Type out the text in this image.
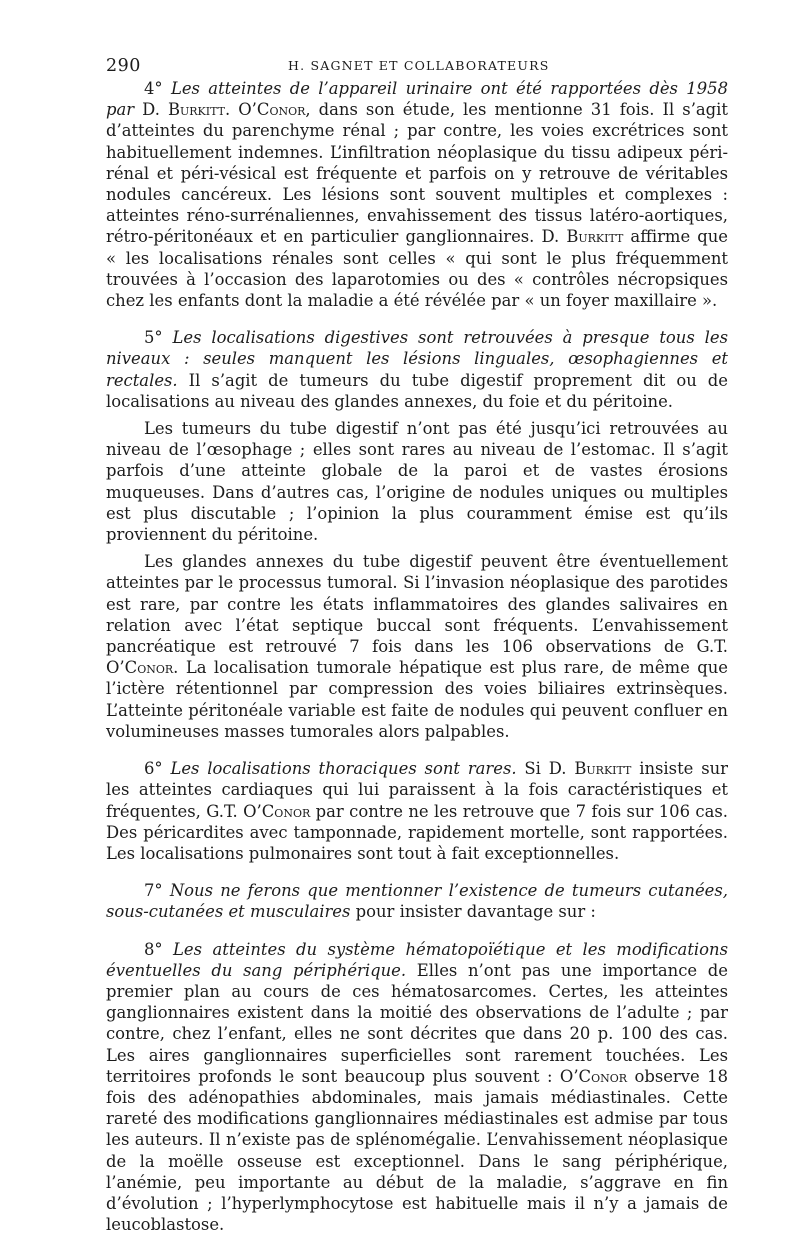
290	H. SAGNET ET COLLABORATEURS

4° Les atteintes de l’appareil urinaire ont été rapportées dès 1958 par D. Burkitt. O’Conor, dans son étude, les mentionne 31 fois. Il s’agit d’atteintes du parenchyme rénal ; par contre, les voies excrétrices sont habituellement indemnes. L’infiltration néoplasique du tissu adipeux péri-rénal et péri-vésical est fréquente et parfois on y retrouve de véritables nodules cancéreux. Les lésions sont souvent multiples et complexes : atteintes réno-surrénaliennes, envahissement des tissus latéro-aortiques, rétro-péritonéaux et en particulier ganglionnaires. D. Burkitt affirme que « les localisations rénales sont celles « qui sont le plus fréquemment trouvées à l’occasion des laparotomies ou des « contrôles nécropsiques chez les enfants dont la maladie a été révélée par « un foyer maxillaire ».

5° Les localisations digestives sont retrouvées à presque tous les niveaux : seules manquent les lésions linguales, œsophagiennes et rectales. Il s’agit de tumeurs du tube digestif proprement dit ou de localisations au niveau des glandes annexes, du foie et du péritoine.

Les tumeurs du tube digestif n’ont pas été jusqu’ici retrouvées au niveau de l’œsophage ; elles sont rares au niveau de l’estomac. Il s’agit parfois d’une atteinte globale de la paroi et de vastes érosions muqueuses. Dans d’autres cas, l’origine de nodules uniques ou multiples est plus discutable ; l’opinion la plus couramment émise est qu’ils proviennent du péritoine.

Les glandes annexes du tube digestif peuvent être éventuellement atteintes par le processus tumoral. Si l’invasion néoplasique des parotides est rare, par contre les états inflammatoires des glandes salivaires en relation avec l’état septique buccal sont fréquents. L’envahissement pancréatique est retrouvé 7 fois dans les 106 observations de G.T. O’Conor. La localisation tumorale hépatique est plus rare, de même que l’ictère rétentionnel par compression des voies biliaires extrinsèques. L’atteinte péritonéale variable est faite de nodules qui peuvent confluer en volumineuses masses tumorales alors palpables.

6° Les localisations thoraciques sont rares. Si D. Burkitt insiste sur les atteintes cardiaques qui lui paraissent à la fois caractéristiques et fréquentes, G.T. O’Conor par contre ne les retrouve que 7 fois sur 106 cas. Des péricardites avec tamponnade, rapidement mortelle, sont rapportées. Les localisations pulmonaires sont tout à fait exceptionnelles.

7° Nous ne ferons que mentionner l’existence de tumeurs cutanées, sous-cutanées et musculaires pour insister davantage sur :

8° Les atteintes du système hématopoïétique et les modifications éventuelles du sang périphérique. Elles n’ont pas une importance de premier plan au cours de ces hématosarcomes. Certes, les atteintes ganglionnaires existent dans la moitié des observations de l’adulte ; par contre, chez l’enfant, elles ne sont décrites que dans 20 p. 100 des cas. Les aires ganglionnaires superficielles sont rarement touchées. Les territoires profonds le sont beaucoup plus souvent : O’Conor observe 18 fois des adénopathies abdominales, mais jamais médiastinales. Cette rareté des modifications ganglionnaires médiastinales est admise par tous les auteurs. Il n’existe pas de splénomégalie. L’envahissement néoplasique de la moëlle osseuse est exceptionnel. Dans le sang périphérique, l’anémie, peu importante au début de la maladie, s’aggrave en fin d’évolution ; l’hyperlymphocytose est habituelle mais il n’y a jamais de leucoblastose.
